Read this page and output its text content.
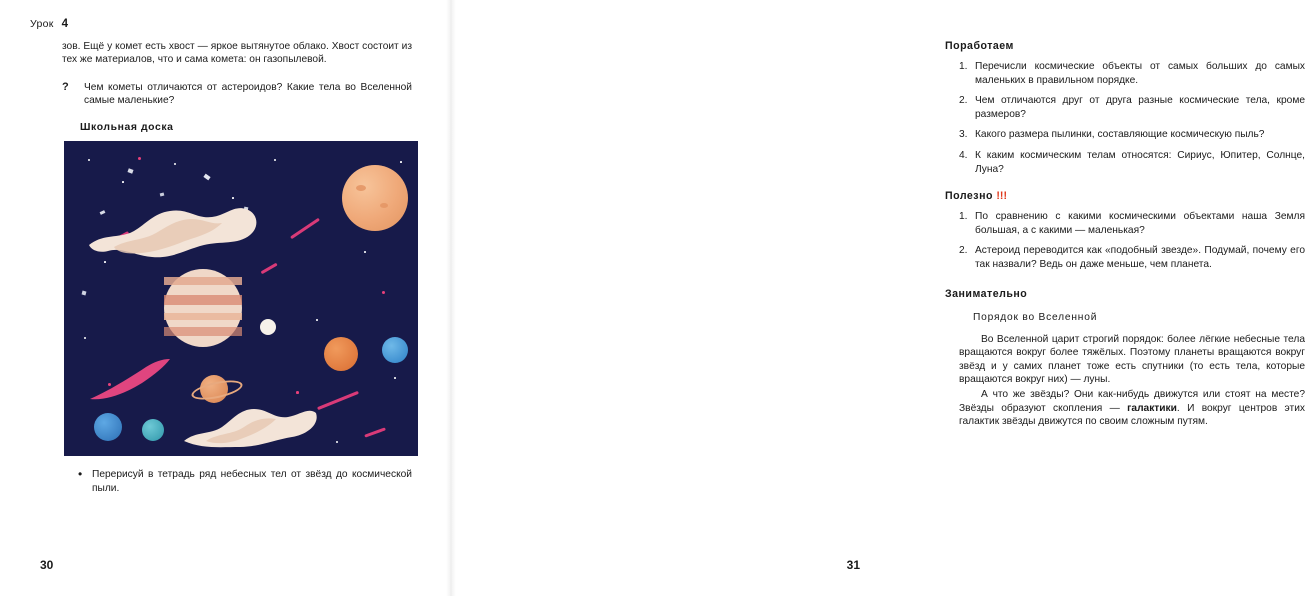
Урок 4

зов. Ещё у комет есть хвост — яркое вытянутое облако. Хвост состоит из тех же материалов, что и сама комета: он газопылевой.

?	Чем кометы отличаются от астероидов? Какие тела во Вселенной самые маленькие?
Школьная доска
• Перерисуй в тетрадь ряд небесных тел от звёзд до космической пыли.
30
Поработаем
Перечисли космические объекты от самых больших до самых маленьких в правильном порядке.
Чем отличаются друг от друга разные космические тела, кроме размеров?
Какого размера пылинки, составляющие космическую пыль?
К каким космическим телам относятся: Сириус, Юпитер, Солнце, Луна?
Полезно !!!
По сравнению с какими космическими объектами наша Земля большая, а с какими — маленькая?
Астероид переводится как «подобный звезде». Подумай, почему его так назвали? Ведь он даже меньше, чем планета.
Занимательно
Порядок во Вселенной

Во Вселенной царит строгий порядок: более лёгкие небесные тела вращаются вокруг более тяжёлых. Поэтому планеты вращаются вокруг звёзд и у самих планет тоже есть спутники (то есть тела, которые вращаются вокруг них) — луны.

А что же звёзды? Они как-нибудь движутся или стоят на месте? Звёзды образуют скопления — галактики. И вокруг центров этих галактик звёзды движутся по своим сложным путям.

31
